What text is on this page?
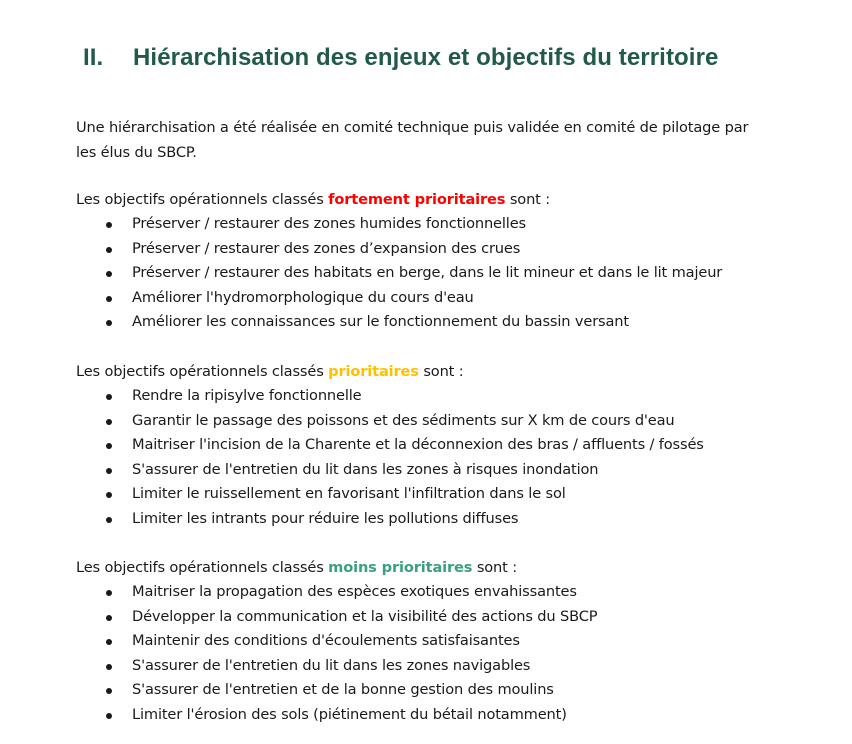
II. Hiérarchisation des enjeux et objectifs du territoire
Une hiérarchisation a été réalisée en comité technique puis validée en comité de pilotage par
les élus du SBCP.
Les objectifs opérationnels classés fortement prioritaires sont :
Préserver / restaurer des zones humides fonctionnelles
Préserver / restaurer des zones d’expansion des crues
Préserver / restaurer des habitats en berge, dans le lit mineur et dans le lit majeur
Améliorer l'hydromorphologique du cours d'eau
Améliorer les connaissances sur le fonctionnement du bassin versant
Les objectifs opérationnels classés prioritaires sont :
Rendre la ripisylve fonctionnelle
Garantir le passage des poissons et des sédiments sur X km de cours d'eau
Maitriser l'incision de la Charente et la déconnexion des bras / affluents / fossés
S'assurer de l'entretien du lit dans les zones à risques inondation
Limiter le ruissellement en favorisant l'infiltration dans le sol
Limiter les intrants pour réduire les pollutions diffuses
Les objectifs opérationnels classés moins prioritaires sont :
Maitriser la propagation des espèces exotiques envahissantes
Développer la communication et la visibilité des actions du SBCP
Maintenir des conditions d'écoulements satisfaisantes
S'assurer de l'entretien du lit dans les zones navigables
S'assurer de l'entretien et de la bonne gestion des moulins
Limiter l'érosion des sols (piétinement du bétail notamment)
